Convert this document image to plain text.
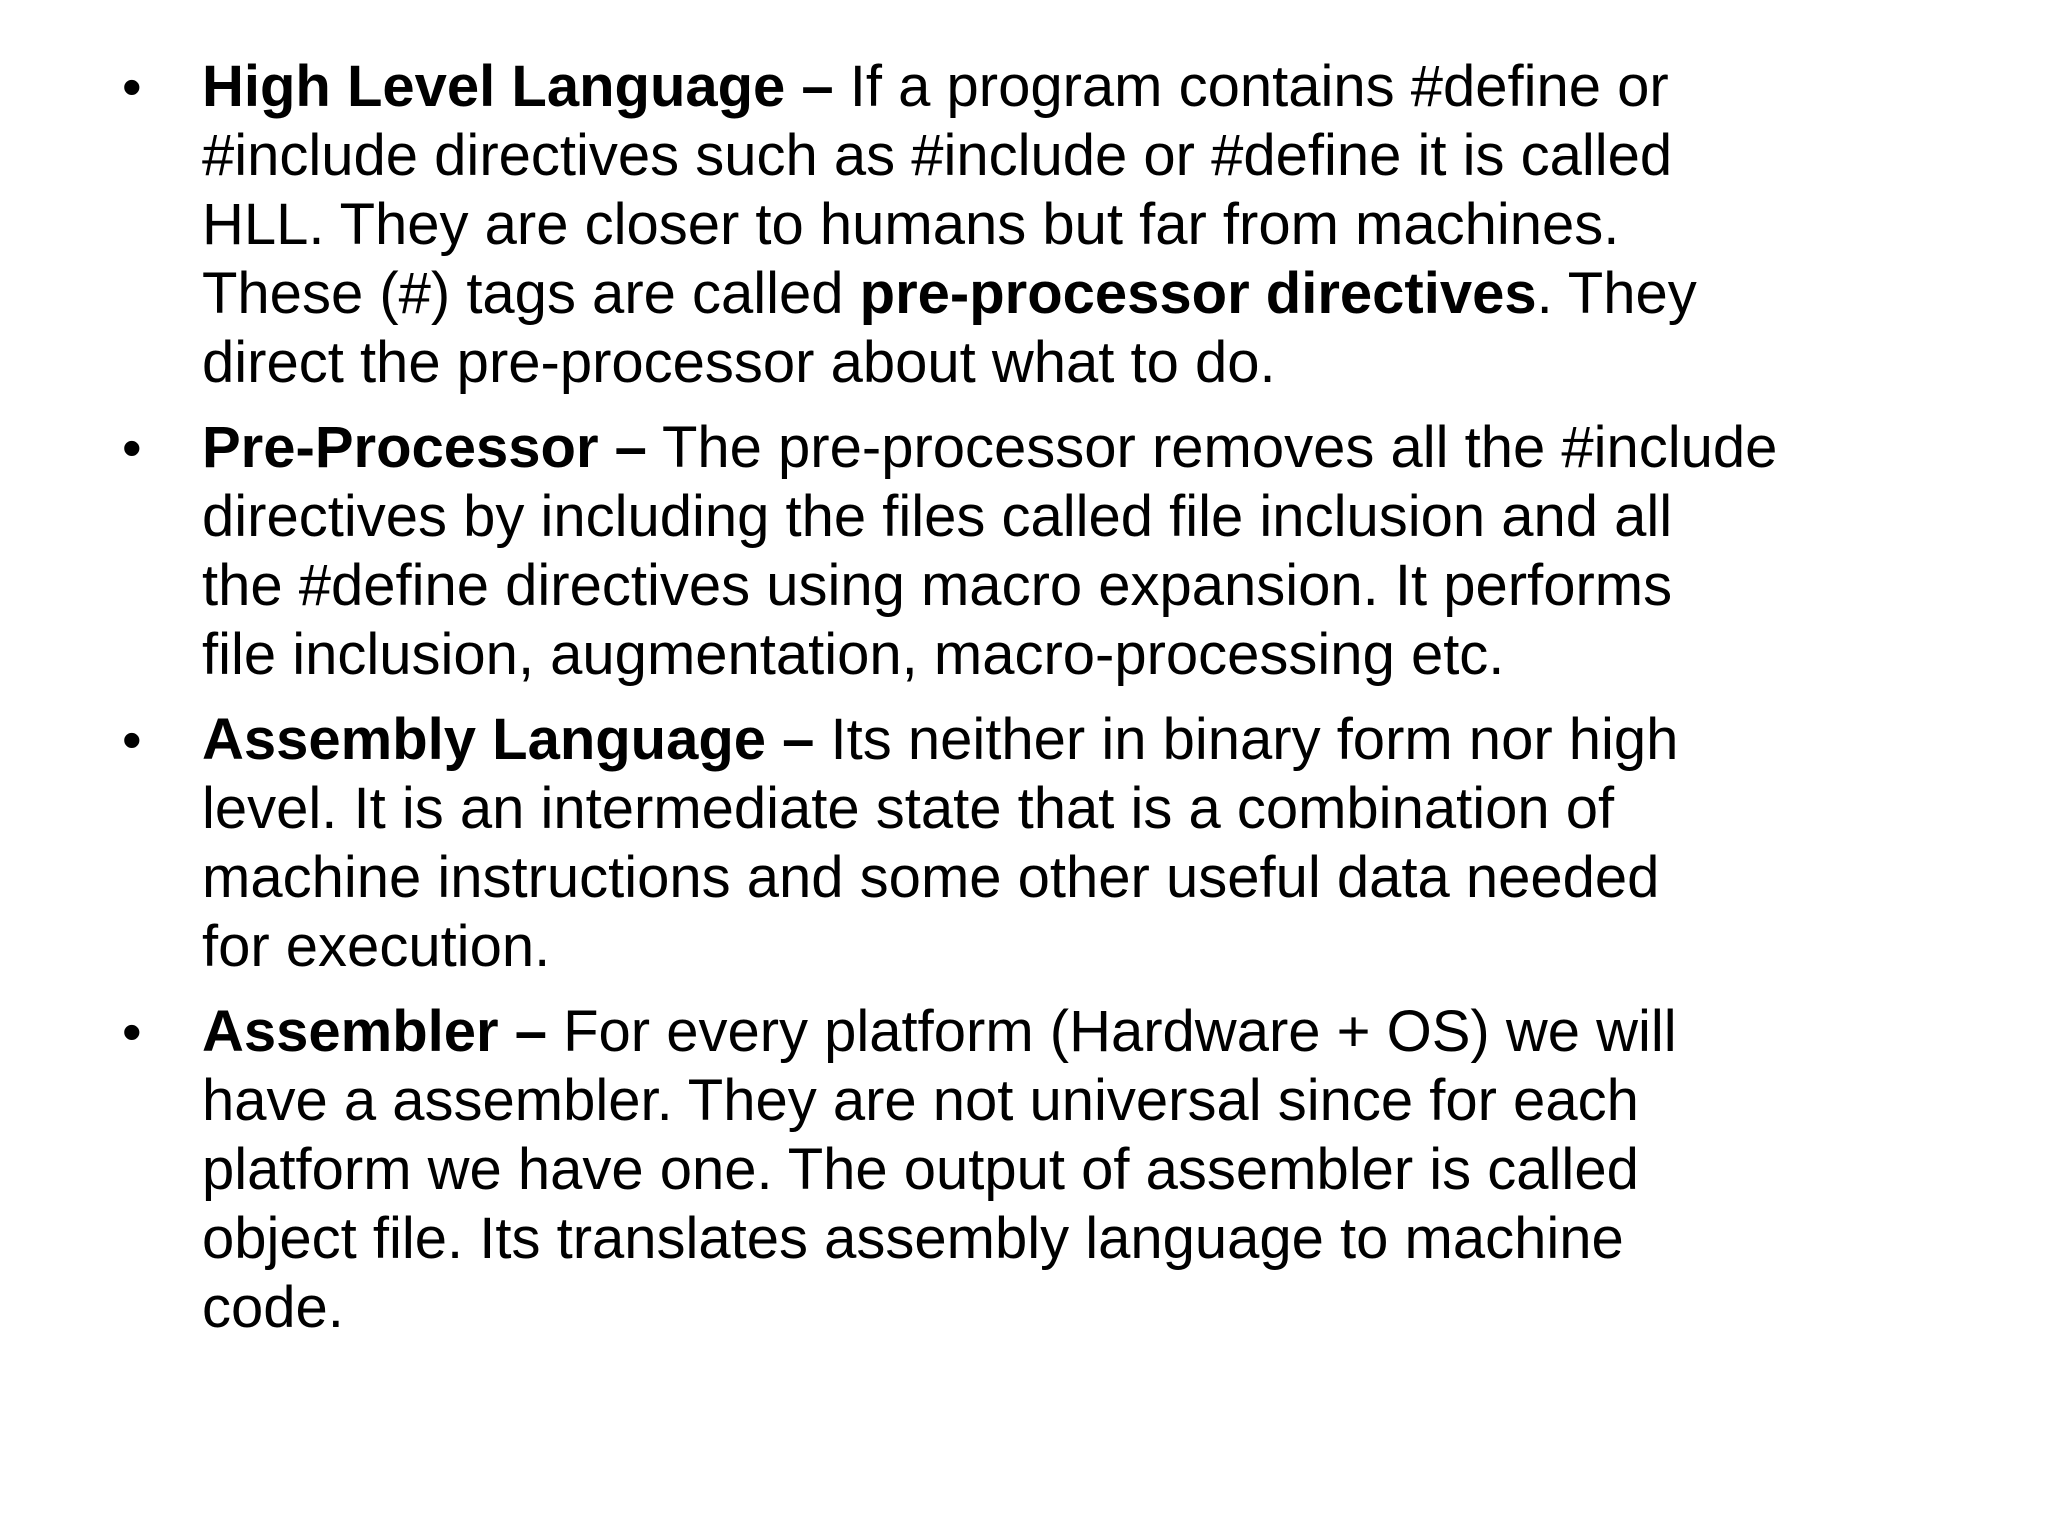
• High Level Language – If a program contains #define or
#include directives such as #include or #define it is called
HLL. They are closer to humans but far from machines.
These (#) tags are called pre-processor directives. They
direct the pre-processor about what to do.
• Pre-Processor – The pre-processor removes all the #include
directives by including the files called file inclusion and all
the #define directives using macro expansion. It performs
file inclusion, augmentation, macro-processing etc.
• Assembly Language – Its neither in binary form nor high
level. It is an intermediate state that is a combination of
machine instructions and some other useful data needed
for execution.
• Assembler – For every platform (Hardware + OS) we will
have a assembler. They are not universal since for each
platform we have one. The output of assembler is called
object file. Its translates assembly language to machine
code.
